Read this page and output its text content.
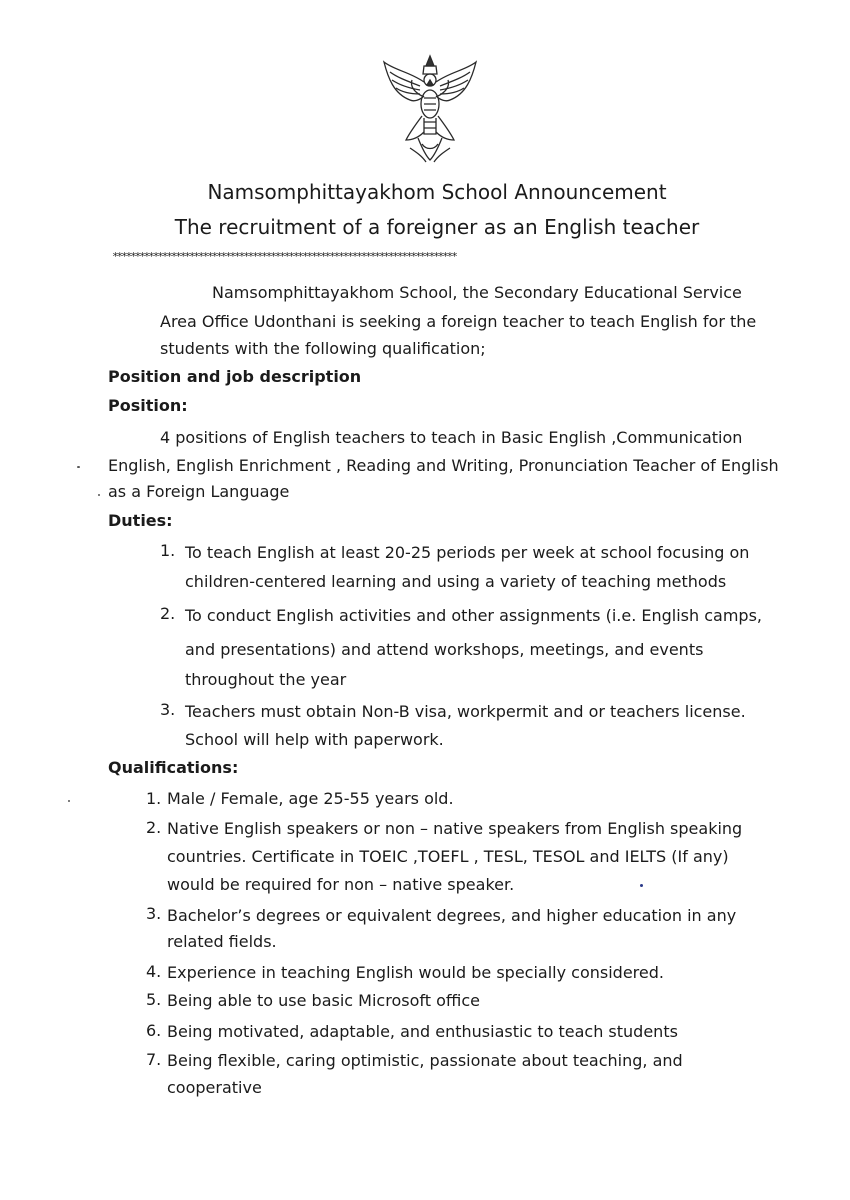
Namsomphittayakhom School Announcement
The recruitment of a foreigner as an English teacher
****************************************************************************
Namsomphittayakhom School, the Secondary Educational Service
Area Office Udonthani is seeking a foreign teacher to teach English for the
students with the following qualification;
Position and job description
Position:
4 positions of English teachers to teach in Basic English ,Communication
English, English Enrichment , Reading and Writing, Pronunciation Teacher of English
as a Foreign Language
Duties:
1. To teach English at least 20-25 periods per week at school focusing on
children-centered learning and using a variety of teaching methods
2. To conduct English activities and other assignments (i.e. English camps,
and presentations) and attend workshops, meetings, and events
throughout the year
3. Teachers must obtain Non-B visa, workpermit and or teachers license.
School will help with paperwork.
Qualifications:
1. Male / Female, age 25-55 years old.
2. Native English speakers or non – native speakers from English speaking
countries. Certificate in TOEIC ,TOEFL , TESL, TESOL and IELTS (If any)
would be required for non – native speaker.
3. Bachelor’s degrees or equivalent degrees, and higher education in any
related fields.
4. Experience in teaching English would be specially considered.
5. Being able to use basic Microsoft office
6. Being motivated, adaptable, and enthusiastic to teach students
7. Being flexible, caring optimistic, passionate about teaching, and
cooperative
